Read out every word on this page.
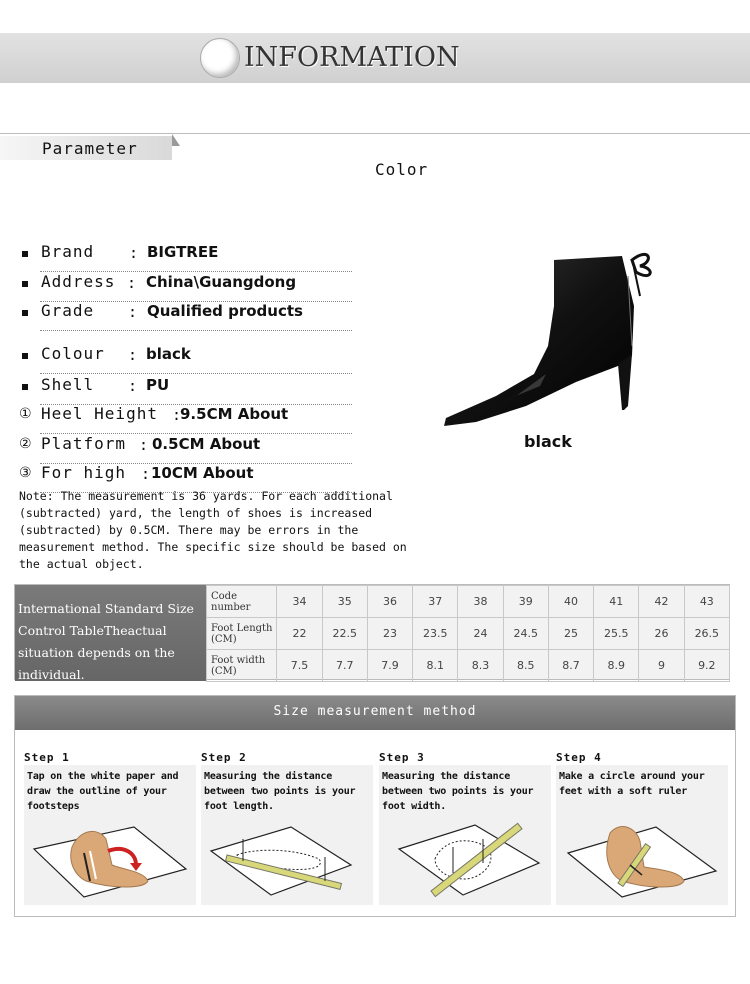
INFORMATION
Parameter
Color
Brand : BIGTREE
Address : China\Guangdong
Grade : Qualified products
Colour : black
Shell : PU
① Heel Height :
9.5CM About
② Platform : 0.5CM About
③ For high : 10CM About
Note: The measurement is 36 yards. For each additional (subtracted) yard, the length of shoes is increased (subtracted) by 0.5CM. There may be errors in the measurement method. The specific size should be based on the actual object.
black
International Standard Size Control TableTheactual situation depends on the individual.
Code number	34	35	36	37	38	39	40	41	42	43
Foot Length (CM)	22	22.5	23	23.5	24	24.5	25	25.5	26	26.5
Foot width (CM)	7.5	7.7	7.9	8.1	8.3	8.5	8.7	8.9	9	9.2
Size measurement method
Step 1
Tap on the white paper and draw the outline of your footsteps
Step 2
Measuring the distance between two points is your foot length.
Step 3
Measuring the distance between two points is your foot width.
Step 4
Make a circle around your feet with a soft ruler
